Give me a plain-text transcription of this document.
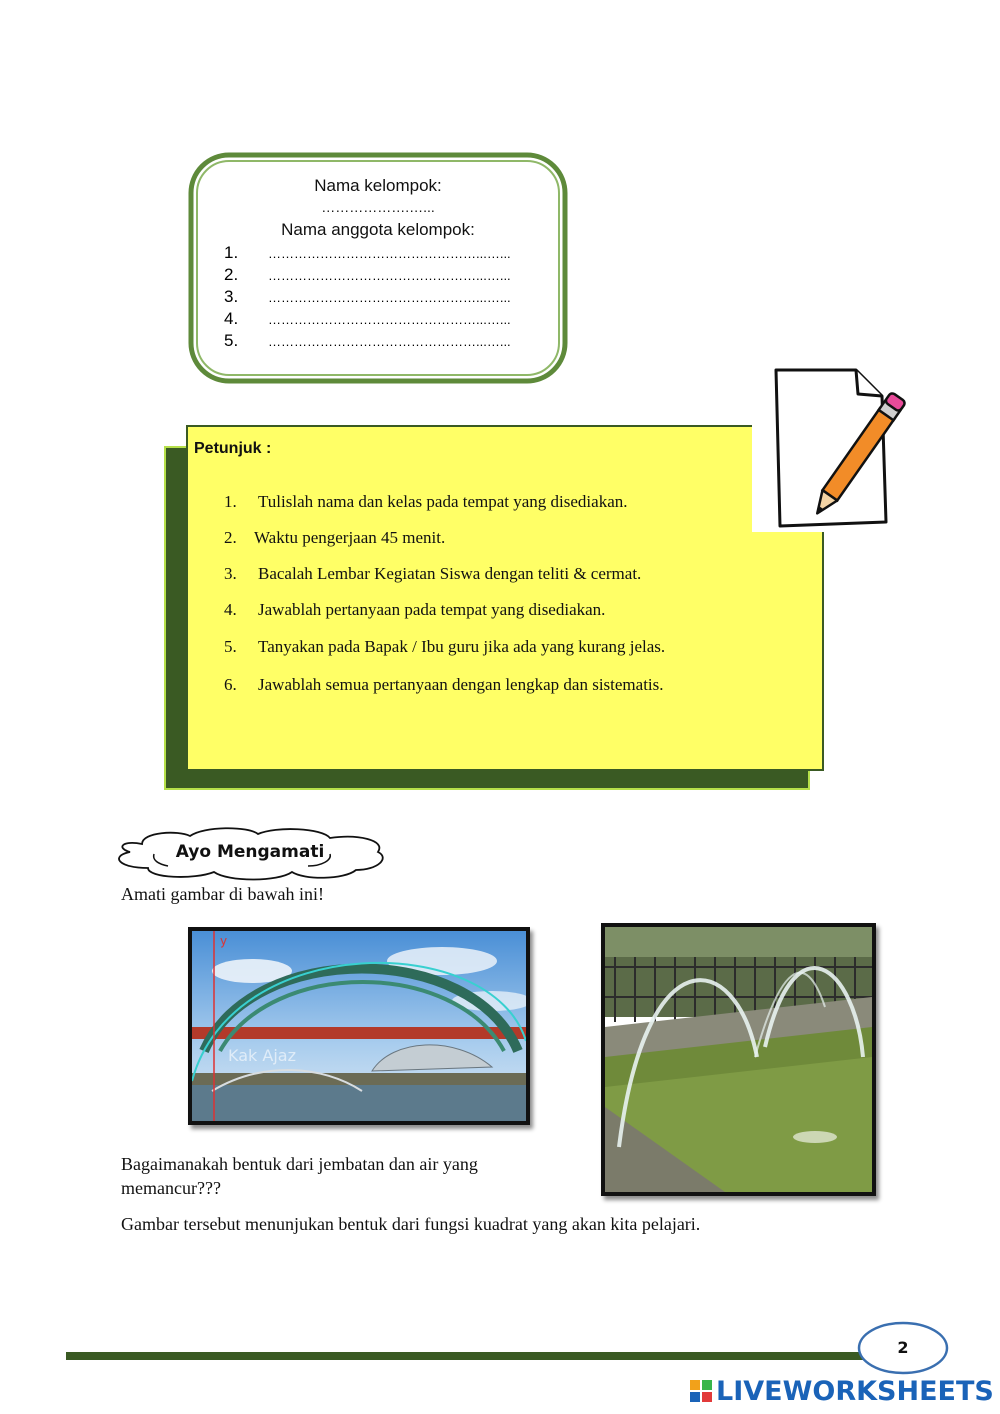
Nama kelompok:
……………….…...
Nama anggota kelompok:
1. …………………………………………...…...
2. …………………………………………...…...
3. …………………………………………...…...
4. …………………………………………...…...
5. …………………………………………...…...
Petunjuk :
1. Tulislah nama dan kelas pada tempat yang disediakan.
2. Waktu pengerjaan 45 menit.
3. Bacalah Lembar Kegiatan Siswa dengan teliti & cermat.
4. Jawablah pertanyaan pada tempat yang disediakan.
5. Tanyakan pada Bapak / Ibu guru jika ada yang kurang jelas.
6. Jawablah semua pertanyaan dengan lengkap dan sistematis.
Ayo Mengamati
Amati gambar di bawah ini!
y
Kak Ajaz
Bagaimanakah bentuk dari jembatan dan air yang memancur???
Gambar tersebut menunjukan bentuk dari fungsi kuadrat yang akan kita pelajari.
2
LIVEWORKSHEETS
